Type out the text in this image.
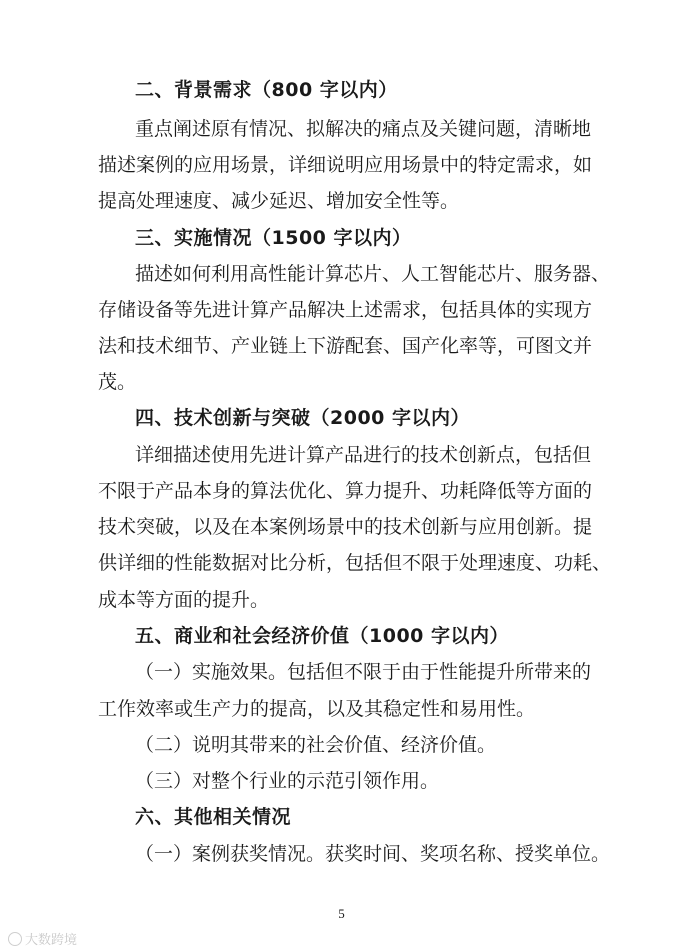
二、背景需求（800 字以内）
重点阐述原有情况、拟解决的痛点及关键问题，清晰地
描述案例的应用场景，详细说明应用场景中的特定需求，如
提高处理速度、减少延迟、增加安全性等。
三、实施情况（1500 字以内）
描述如何利用高性能计算芯片、人工智能芯片、服务器、
存储设备等先进计算产品解决上述需求，包括具体的实现方
法和技术细节、产业链上下游配套、国产化率等，可图文并
茂。
四、技术创新与突破（2000 字以内）
详细描述使用先进计算产品进行的技术创新点，包括但
不限于产品本身的算法优化、算力提升、功耗降低等方面的
技术突破，以及在本案例场景中的技术创新与应用创新。提
供详细的性能数据对比分析，包括但不限于处理速度、功耗、
成本等方面的提升。
五、商业和社会经济价值（1000 字以内）
（一）实施效果。包括但不限于由于性能提升所带来的
工作效率或生产力的提高，以及其稳定性和易用性。
（二）说明其带来的社会价值、经济价值。
（三）对整个行业的示范引领作用。
六、其他相关情况
（一）案例获奖情况。获奖时间、奖项名称、授奖单位。
5
大数跨境
